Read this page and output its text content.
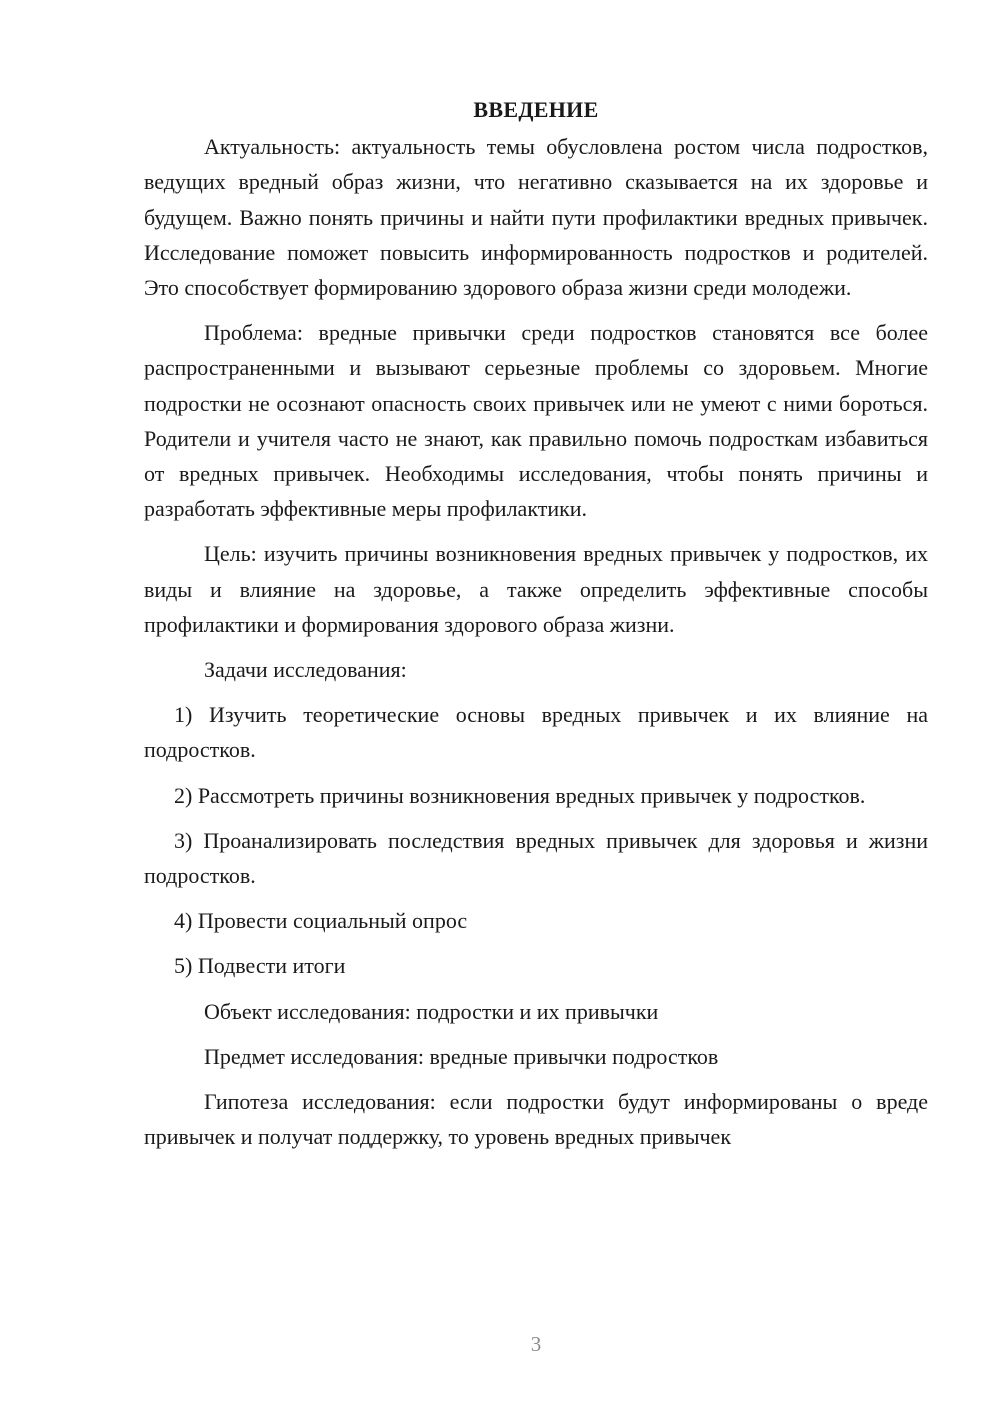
ВВЕДЕНИЕ

Актуальность: актуальность темы обусловлена ростом числа подростков, ведущих вредный образ жизни, что негативно сказывается на их здоровье и будущем. Важно понять причины и найти пути профилактики вредных привычек. Исследование поможет повысить информированность подростков и родителей. Это способствует формированию здорового образа жизни среди молодежи.

Проблема: вредные привычки среди подростков становятся все более распространенными и вызывают серьезные проблемы со здоровьем. Многие подростки не осознают опасность своих привычек или не умеют с ними бороться. Родители и учителя часто не знают, как правильно помочь подросткам избавиться от вредных привычек. Необходимы исследования, чтобы понять причины и разработать эффективные меры профилактики.

Цель: изучить причины возникновения вредных привычек у подростков, их виды и влияние на здоровье, а также определить эффективные способы профилактики и формирования здорового образа жизни.

Задачи исследования:

1) Изучить теоретические основы вредных привычек и их влияние на подростков.

2) Рассмотреть причины возникновения вредных привычек у подростков.

3) Проанализировать последствия вредных привычек для здоровья и жизни подростков.

4) Провести социальный опрос

5) Подвести итоги

Объект исследования: подростки и их привычки

Предмет исследования: вредные привычки подростков

Гипотеза исследования: если подростки будут информированы о вреде привычек и получат поддержку, то уровень вредных привычек

3
